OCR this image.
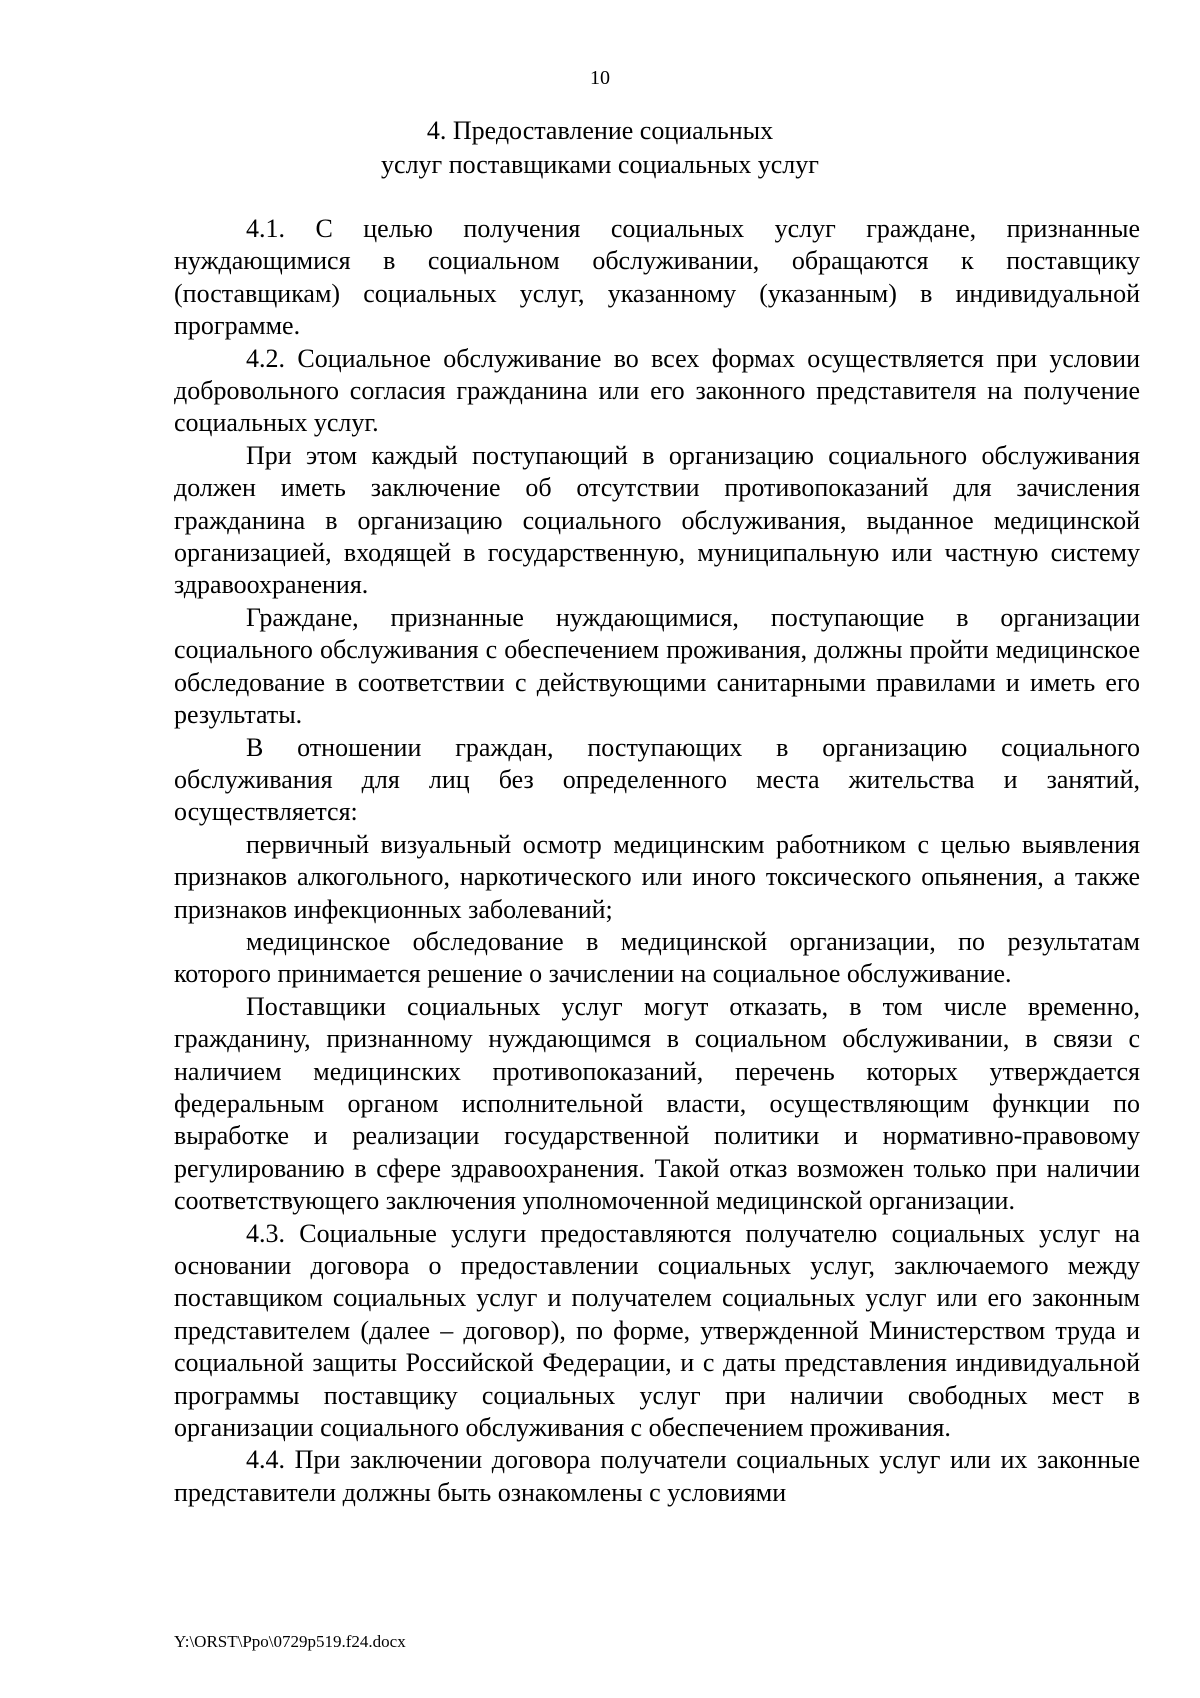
10
4. Предоставление социальных
услуг поставщиками социальных услуг

4.1. С целью получения социальных услуг граждане, признанные нуждающимися в социальном обслуживании, обращаются к поставщику (поставщикам) социальных услуг, указанному (указанным) в индивидуальной программе.

4.2. Социальное обслуживание во всех формах осуществляется при условии добровольного согласия гражданина или его законного представителя на получение социальных услуг.

При этом каждый поступающий в организацию социального обслуживания должен иметь заключение об отсутствии противопоказаний для зачисления гражданина в организацию социального обслуживания, выданное медицинской организацией, входящей в государственную, муниципальную или частную систему здравоохранения.

Граждане, признанные нуждающимися, поступающие в организации социального обслуживания с обеспечением проживания, должны пройти медицинское обследование в соответствии с действующими санитарными правилами и иметь его результаты.

В отношении граждан, поступающих в организацию социального обслуживания для лиц без определенного места жительства и занятий, осуществляется:

первичный визуальный осмотр медицинским работником с целью выявления признаков алкогольного, наркотического или иного токсического опьянения, а также признаков инфекционных заболеваний;

медицинское обследование в медицинской организации, по результатам которого принимается решение о зачислении на социальное обслуживание.

Поставщики социальных услуг могут отказать, в том числе временно, гражданину, признанному нуждающимся в социальном обслуживании, в связи с наличием медицинских противопоказаний, перечень которых утверждается федеральным органом исполнительной власти, осуществляющим функции по выработке и реализации государственной политики и нормативно-правовому регулированию в сфере здравоохранения. Такой отказ возможен только при наличии соответствующего заключения уполномоченной медицинской организации.

4.3. Социальные услуги предоставляются получателю социальных услуг на основании договора о предоставлении социальных услуг, заключаемого между поставщиком социальных услуг и получателем социальных услуг или его законным представителем (далее – договор), по форме, утвержденной Министерством труда и социальной защиты Российской Федерации, и с даты представления индивидуальной программы поставщику социальных услуг при наличии свободных мест в организации социального обслуживания с обеспечением проживания.

4.4. При заключении договора получатели социальных услуг или их законные представители должны быть ознакомлены с условиями

Y:\ORST\Ppo\0729p519.f24.docx
